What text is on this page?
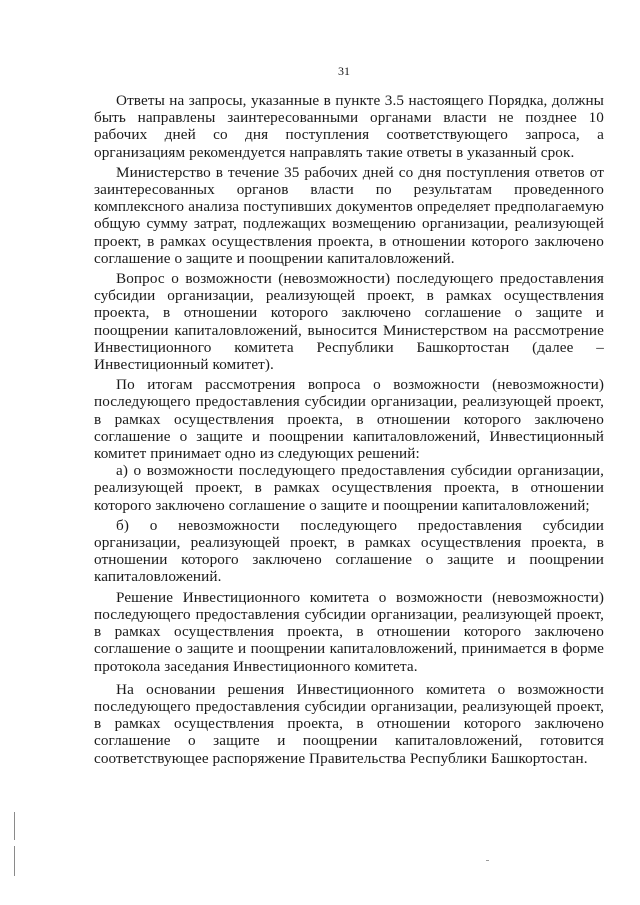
31

Ответы на запросы, указанные в пункте 3.5 настоящего Порядка, должны быть направлены заинтересованными органами власти не позднее 10 рабочих дней со дня поступления соответствующего запроса, а организациям рекомендуется направлять такие ответы в указанный срок.

Министерство в течение 35 рабочих дней со дня поступления ответов от заинтересованных органов власти по результатам проведенного комплексного анализа поступивших документов определяет предполагаемую общую сумму затрат, подлежащих возмещению организации, реализующей проект, в рамках осуществления проекта, в отношении которого заключено соглашение о защите и поощрении капиталовложений.

Вопрос о возможности (невозможности) последующего предоставления субсидии организации, реализующей проект, в рамках осуществления проекта, в отношении которого заключено соглашение о защите и поощрении капиталовложений, выносится Министерством на рассмотрение Инвестиционного комитета Республики Башкортостан (далее – Инвестиционный комитет).

По итогам рассмотрения вопроса о возможности (невозможности) последующего предоставления субсидии организации, реализующей проект, в рамках осуществления проекта, в отношении которого заключено соглашение о защите и поощрении капиталовложений, Инвестиционный комитет принимает одно из следующих решений:

а) о возможности последующего предоставления субсидии организации, реализующей проект, в рамках осуществления проекта, в отношении которого заключено соглашение о защите и поощрении капиталовложений;

б) о невозможности последующего предоставления субсидии организации, реализующей проект, в рамках осуществления проекта, в отношении которого заключено соглашение о защите и поощрении капиталовложений.

Решение Инвестиционного комитета о возможности (невозможности) последующего предоставления субсидии организации, реализующей проект, в рамках осуществления проекта, в отношении которого заключено соглашение о защите и поощрении капиталовложений, принимается в форме протокола заседания Инвестиционного комитета.

На основании решения Инвестиционного комитета о возможности последующего предоставления субсидии организации, реализующей проект, в рамках осуществления проекта, в отношении которого заключено соглашение о защите и поощрении капиталовложений, готовится соответствующее распоряжение Правительства Республики Башкортостан.
